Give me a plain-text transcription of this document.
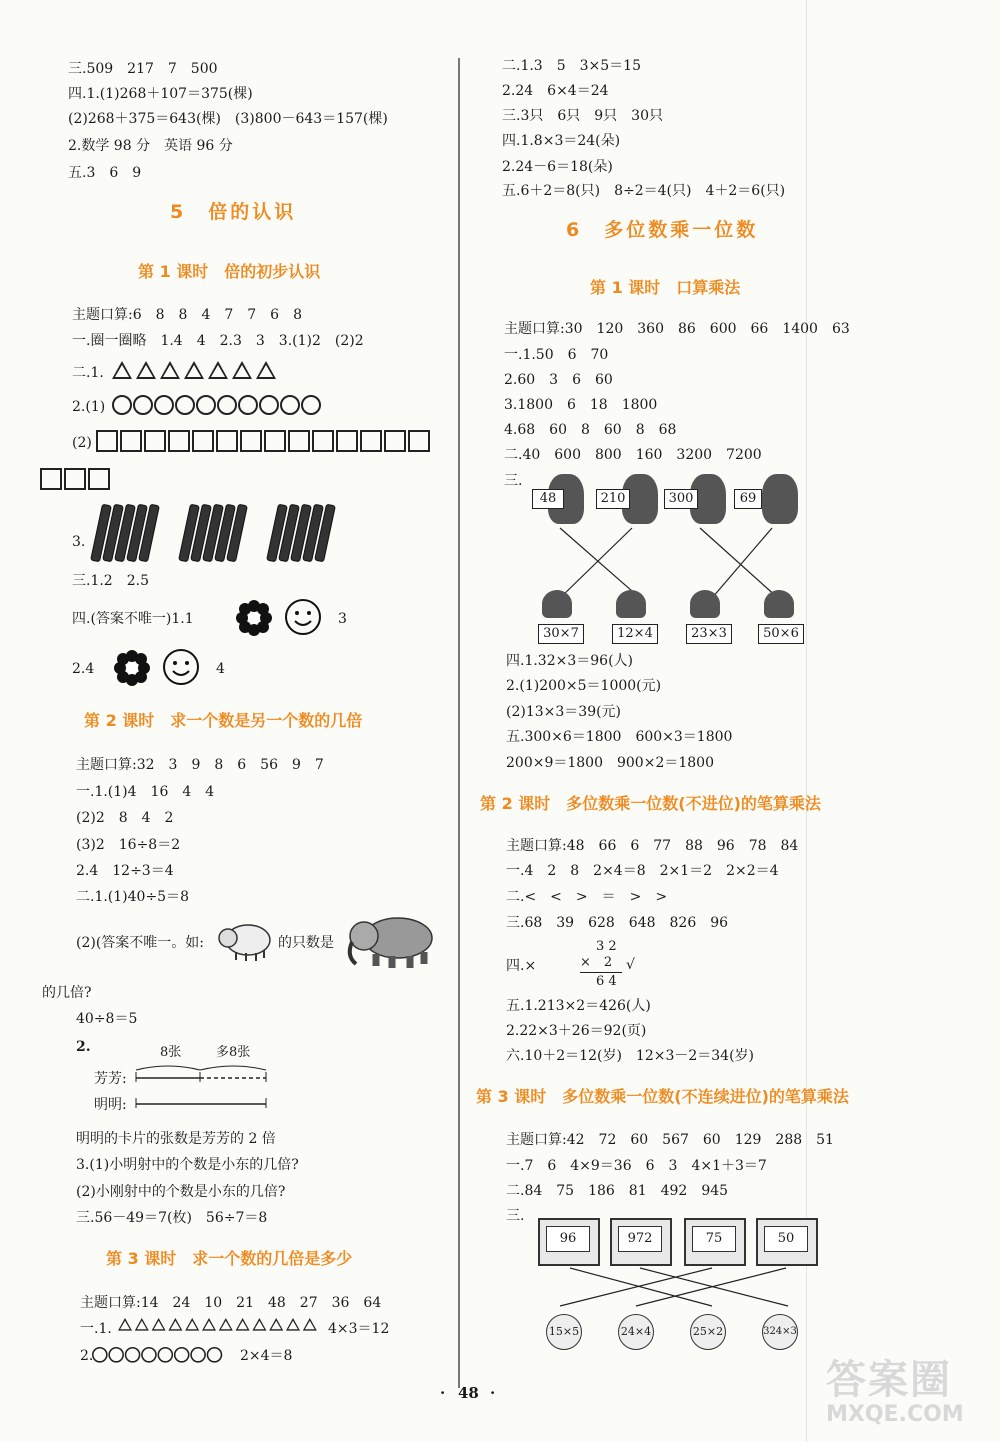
三.509　217　7　500
四.1.(1)268＋107＝375(棵)
(2)268＋375＝643(棵)　(3)800－643＝157(棵)
2.数学 98 分　英语 96 分
五.3　6　9
5　倍的认识
第 1 课时　倍的初步认识
主题口算:6　8　8　4　7　7　6　8
一.圈一圈略　1.4　4　2.3　3　3.(1)2　(2)2
二.1.
2.(1)
(2)
3.
三.1.2　2.5
四.(答案不唯一)1.1	3
2.4	4
第 2 课时　求一个数是另一个数的几倍
主题口算:32　3　9　8　6　56　9　7
一.1.(1)4　16　4　4
(2)2　8　4　2
(3)2　16÷8＝2
2.4　12÷3＝4
二.1.(1)40÷5＝8
(2)(答案不唯一。如:	的只数是
的几倍?
40÷8＝5
2.	8张	多8张
芳芳:
明明:
明明的卡片的张数是芳芳的 2 倍
3.(1)小明射中的个数是小东的几倍?
(2)小刚射中的个数是小东的几倍?
三.56－49＝7(枚)　56÷7＝8
第 3 课时　求一个数的几倍是多少
主题口算:14　24　10　21　48　27　36　64
一.1.	4×3＝12
2.	2×4＝8
二.1.3　5　3×5＝15
2.24　6×4＝24
三.3只　6只　9只　30只
四.1.8×3＝24(朵)
2.24－6＝18(朵)
五.6＋2＝8(只)　8÷2＝4(只)　4＋2＝6(只)
6　多位数乘一位数
第 1 课时　口算乘法
主题口算:30　120　360　86　600　66　1400　63
一.1.50　6　70
2.60　3　6　60
3.1800　6　18　1800
4.68　60　8　60　8　68
二.40　600　800　160　3200　7200
三.
48	210	300	69
30×7	12×4	23×3	50×6
四.1.32×3＝96(人)
2.(1)200×5＝1000(元)
(2)13×3＝39(元)
五.300×6＝1800　600×3＝1800
200×9＝1800　900×2＝1800
第 2 课时　多位数乘一位数(不进位)的笔算乘法
主题口算:48　66　6　77　88　96　78　84
一.4　2　8　2×4＝8　2×1＝2　2×2＝4
二.<　<　>　＝　>　>
三.68　39　628　648　826　96
四.×
3 2
×　2
6 4
√
五.1.213×2＝426(人)
2.22×3＋26＝92(页)
六.10＋2＝12(岁)　12×3－2＝34(岁)
第 3 课时　多位数乘一位数(不连续进位)的笔算乘法
主题口算:42　72　60　567　60　129　288　51
一.7　6　4×9＝36　6　3　4×1＋3＝7
二.84　75　186　81　492　945
三.
96	972	75	50
15×5	24×4	25×2	324×3
· 48 ·	答案圈
MXQE.COM
